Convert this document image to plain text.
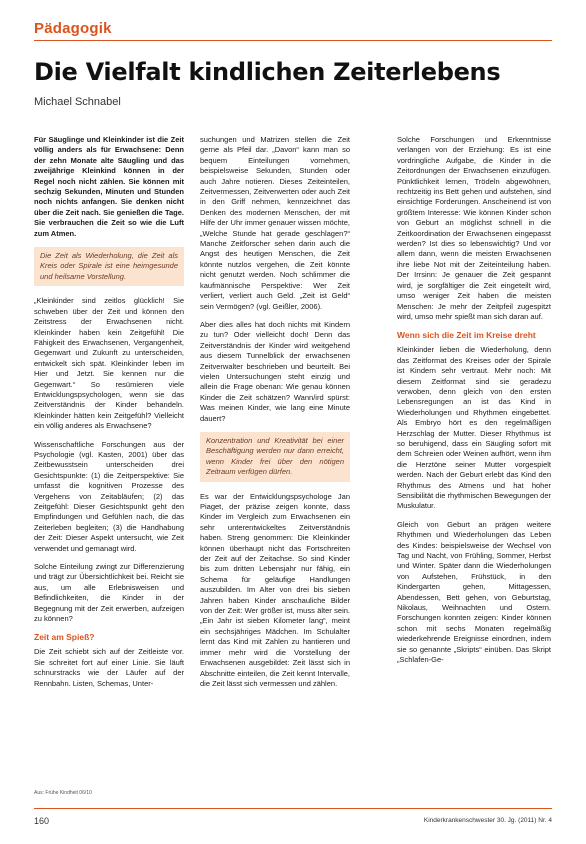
Pädagogik
Die Vielfalt kindlichen Zeiterlebens
Michael Schnabel

Für Säuglinge und Kleinkinder ist die Zeit völlig anders als für Erwachsene: Denn der zehn Monate alte Säugling und das zweijährige Kleinkind können in der Regel noch nicht zählen. Sie können mit sechzig Sekunden, Minuten und Stunden noch nichts anfangen. Sie denken nicht über die Zeit nach. Sie genießen die Tage. Sie verbrauchen die Zeit so wie die Luft zum Atmen.

Die Zeit als Wiederholung, die Zeit als Kreis oder Spirale ist eine heimgesunde und heilsame Vorstellung.

„Kleinkinder sind zeitlos glücklich! Sie schweben über der Zeit und können den Zeitstress der Erwachsenen nicht. Kleinkinder haben kein Zeitgefühl! Die Fähigkeit des Erwachsenen, Vergangenheit, Gegenwart und Zukunft zu unterscheiden, entwickelt sich spät. Kleinkinder leben im Hier und Jetzt. Sie kennen nur die Gegenwart.“ So resümieren viele Entwicklungspsychologen, wenn sie das Zeitverständnis der Kinder behandeln. Kleinkinder hätten kein Zeitgefühl? Vielleicht ein völlig anderes als Erwachsene?

Wissenschaftliche Forschungen aus der Psychologie (vgl. Kasten, 2001) über das Zeitbewusstsein unterscheiden drei Gesichtspunkte: (1) die Zeitperspektive: Sie umfasst die kognitiven Prozesse des Vergehens von Zeitabläufen; (2) das Zeitgefühl: Dieser Gesichtspunkt geht den Empfindungen und Gefühlen nach, die das Zeiterleben begleiten; (3) die Handhabung der Zeit: Dieser Aspekt untersucht, wie Zeit verwendet und gemanagt wird.

Solche Einteilung zwingt zur Differenzierung und trägt zur Übersichtlichkeit bei. Reicht sie aus, um alle Erlebnisweisen und Befindlichkeiten, die Kinder in der Begegnung mit der Zeit erwerben, aufzeigen zu können?

Zeit am Spieß?

Die Zeit schiebt sich auf der Zeitleiste vor. Sie schreitet fort auf einer Linie. Sie läuft schnurstracks wie der Läufer auf der Rennbahn. Listen, Schemas, Unter-

suchungen und Matrizen stellen die Zeit gerne als Pfeil dar. „Davon“ kann man so bequem Einteilungen vornehmen, beispielsweise Sekunden, Stunden oder auch Jahre notieren. Dieses Zeiteinteilen, Zeitvermessen, Zeitverwerten oder auch Zeit in den Griff nehmen, kennzeichnet das Denken des modernen Menschen, der mit Hilfe der Uhr immer genauer wissen möchte, „Welche Stunde hat gerade geschlagen?“ Manche Zeitforscher sehen darin auch die Angst des heutigen Menschen, die Zeit könnte nutzlos vergehen, die Zeit könnte nicht genutzt werden. Noch schlimmer die kaufmännische Perspektive: Wer Zeit verliert, verliert auch Geld. „Zeit ist Geld“ sein Vermögen? (vgl. Geißler, 2006).

Aber dies alles hat doch nichts mit Kindern zu tun? Oder vielleicht doch! Denn das Zeitverständnis der Kinder wird weitgehend aus diesem Tunnelblick der erwachsenen Zeitverwalter beschrieben und beurteilt. Bei vielen Untersuchungen steht einzig und allein die Frage obenan: Wie genau können Kinder die Zeit schätzen? Wann/ird spürst: Was meinen Kinder, wie lang eine Minute dauert?

Konzentration und Kreativität bei einer Beschäftigung werden nur dann erreicht, wenn Kinder frei über den nötigen Zeitraum verfügen dürfen.

Es war der Entwicklungspsychologe Jan Piaget, der präzise zeigen konnte, dass Kinder im Vergleich zum Erwachsenen ein sehr unterentwickeltes Zeitverständnis haben. Streng genommen: Die Kleinkinder können überhaupt nicht das Fortschreiten der Zeit auf der Zeitachse. So sind Kinder bis zum dritten Lebensjahr nur fähig, ein Schema für geläufige Handlungen auszubilden. Im Alter von drei bis sieben Jahren haben Kinder anschauliche Bilder von der Zeit: Wer größer ist, muss älter sein. „Ein Jahr ist sieben Kilometer lang“, meint ein sechsjähriges Mädchen. Im Schulalter lernt das Kind mit Zahlen zu hantieren und immer mehr wird die Vorstellung der Erwachsenen ausgebildet: Zeit lässt sich in Abschnitte einteilen, die Zeit kennt Intervalle, die Zeit lässt sich vermessen und zählen.

Solche Forschungen und Erkenntnisse verlangen von der Erziehung: Es ist eine vordringliche Aufgabe, die Kinder in die Zeitordnungen der Erwachsenen einzufügen. Pünktlichkeit lernen, Trödeln abgewöhnen, rechtzeitig ins Bett gehen und aufstehen, sind einsichtige Forderungen. Anscheinend ist von größtem Interesse: Wie können Kinder schon von Geburt an möglichst schnell in die Zeitkoordination der Erwachsenen eingepasst werden? Ist dies so lebenswichtig? Und vor allem dann, wenn die meisten Erwachsenen ihre liebe Not mit der Zeiteinteilung haben. Der Irrsinn: Je genauer die Zeit gespannt wird, je sorgfältiger die Zeit eingeteilt wird, umso weniger Zeit haben die meisten Menschen: Je mehr der Zeitpfeil zugespitzt wird, umso mehr spießt man sich daran auf.

Wenn sich die Zeit im Kreise dreht

Kleinkinder lieben die Wiederholung, denn das Zeitformat des Kreises oder der Spirale ist Kindern sehr vertraut. Mehr noch: Mit diesem Zeitformat sind sie geradezu verwoben, denn gleich von den ersten Lebensregungen an ist das Kind in Wiederholungen und Rhythmen eingebettet. Als Embryo hört es den regelmäßigen Herzschlag der Mutter. Dieser Rhythmus ist so beruhigend, dass ein Säugling sofort mit dem Schreien oder Weinen aufhört, wenn ihm die Herztöne seiner Mutter vorgespielt werden. Nach der Geburt erlebt das Kind den Rhythmus des Atmens und hat hoher Sensibilität die rhythmischen Bewegungen der Muskulatur.

Gleich von Geburt an prägen weitere Rhythmen und Wiederholungen das Leben des Kindes: beispielsweise der Wechsel von Tag und Nacht, von Frühling, Sommer, Herbst und Winter. Später dann die Wiederholungen von Aufstehen, Frühstück, in den Kindergarten gehen, Mittagessen, Abendessen, Bett gehen, von Geburtstag, Nikolaus, Weihnachten und Ostern. Forschungen konnten zeigen: Kinder können schon mit sechs Monaten regelmäßig wiederkehrende Ereignisse einordnen, indem sie so genannte „Skripts“ einüben. Das Skript „Schlafen-Ge-

Aus: Frühe Kindheit 06/10
160	Kinderkrankenschwester 30. Jg. (2011) Nr. 4
